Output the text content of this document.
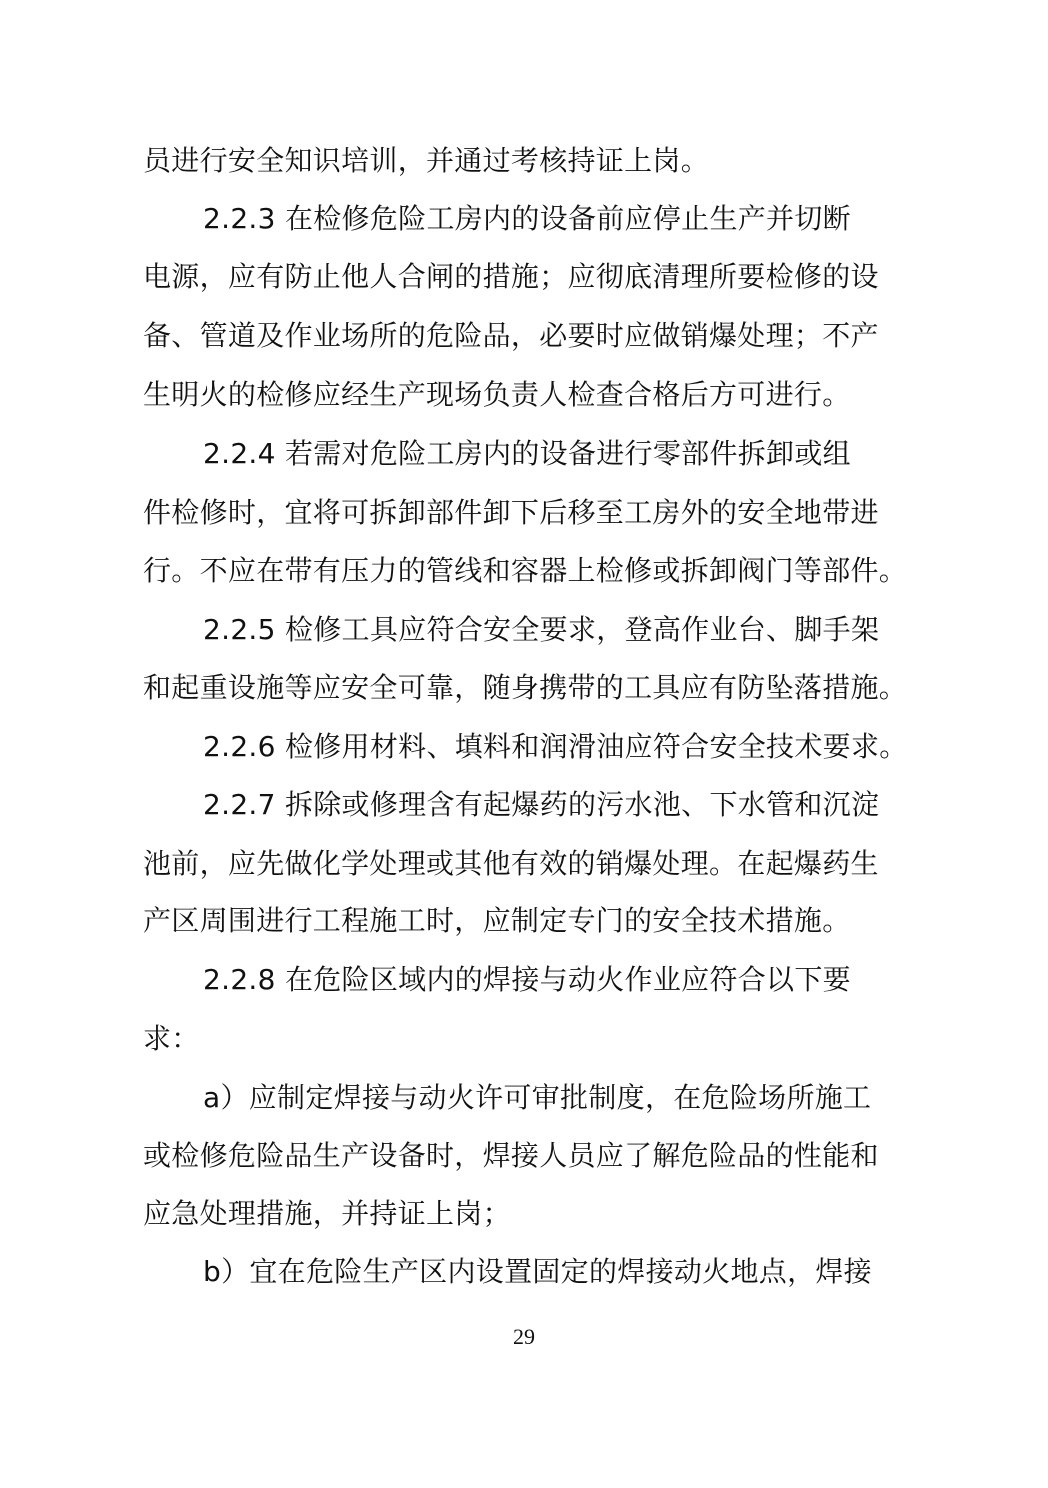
员进行安全知识培训，并通过考核持证上岗。
2.2.3 在检修危险工房内的设备前应停止生产并切断
电源，应有防止他人合闸的措施；应彻底清理所要检修的设
备、管道及作业场所的危险品，必要时应做销爆处理；不产
生明火的检修应经生产现场负责人检查合格后方可进行。
2.2.4 若需对危险工房内的设备进行零部件拆卸或组
件检修时，宜将可拆卸部件卸下后移至工房外的安全地带进
行。不应在带有压力的管线和容器上检修或拆卸阀门等部件。
2.2.5 检修工具应符合安全要求，登高作业台、脚手架
和起重设施等应安全可靠，随身携带的工具应有防坠落措施。
2.2.6 检修用材料、填料和润滑油应符合安全技术要求。
2.2.7 拆除或修理含有起爆药的污水池、下水管和沉淀
池前，应先做化学处理或其他有效的销爆处理。在起爆药生
产区周围进行工程施工时，应制定专门的安全技术措施。
2.2.8 在危险区域内的焊接与动火作业应符合以下要
求：
a）应制定焊接与动火许可审批制度，在危险场所施工
或检修危险品生产设备时，焊接人员应了解危险品的性能和
应急处理措施，并持证上岗；
b）宜在危险生产区内设置固定的焊接动火地点，焊接
29
